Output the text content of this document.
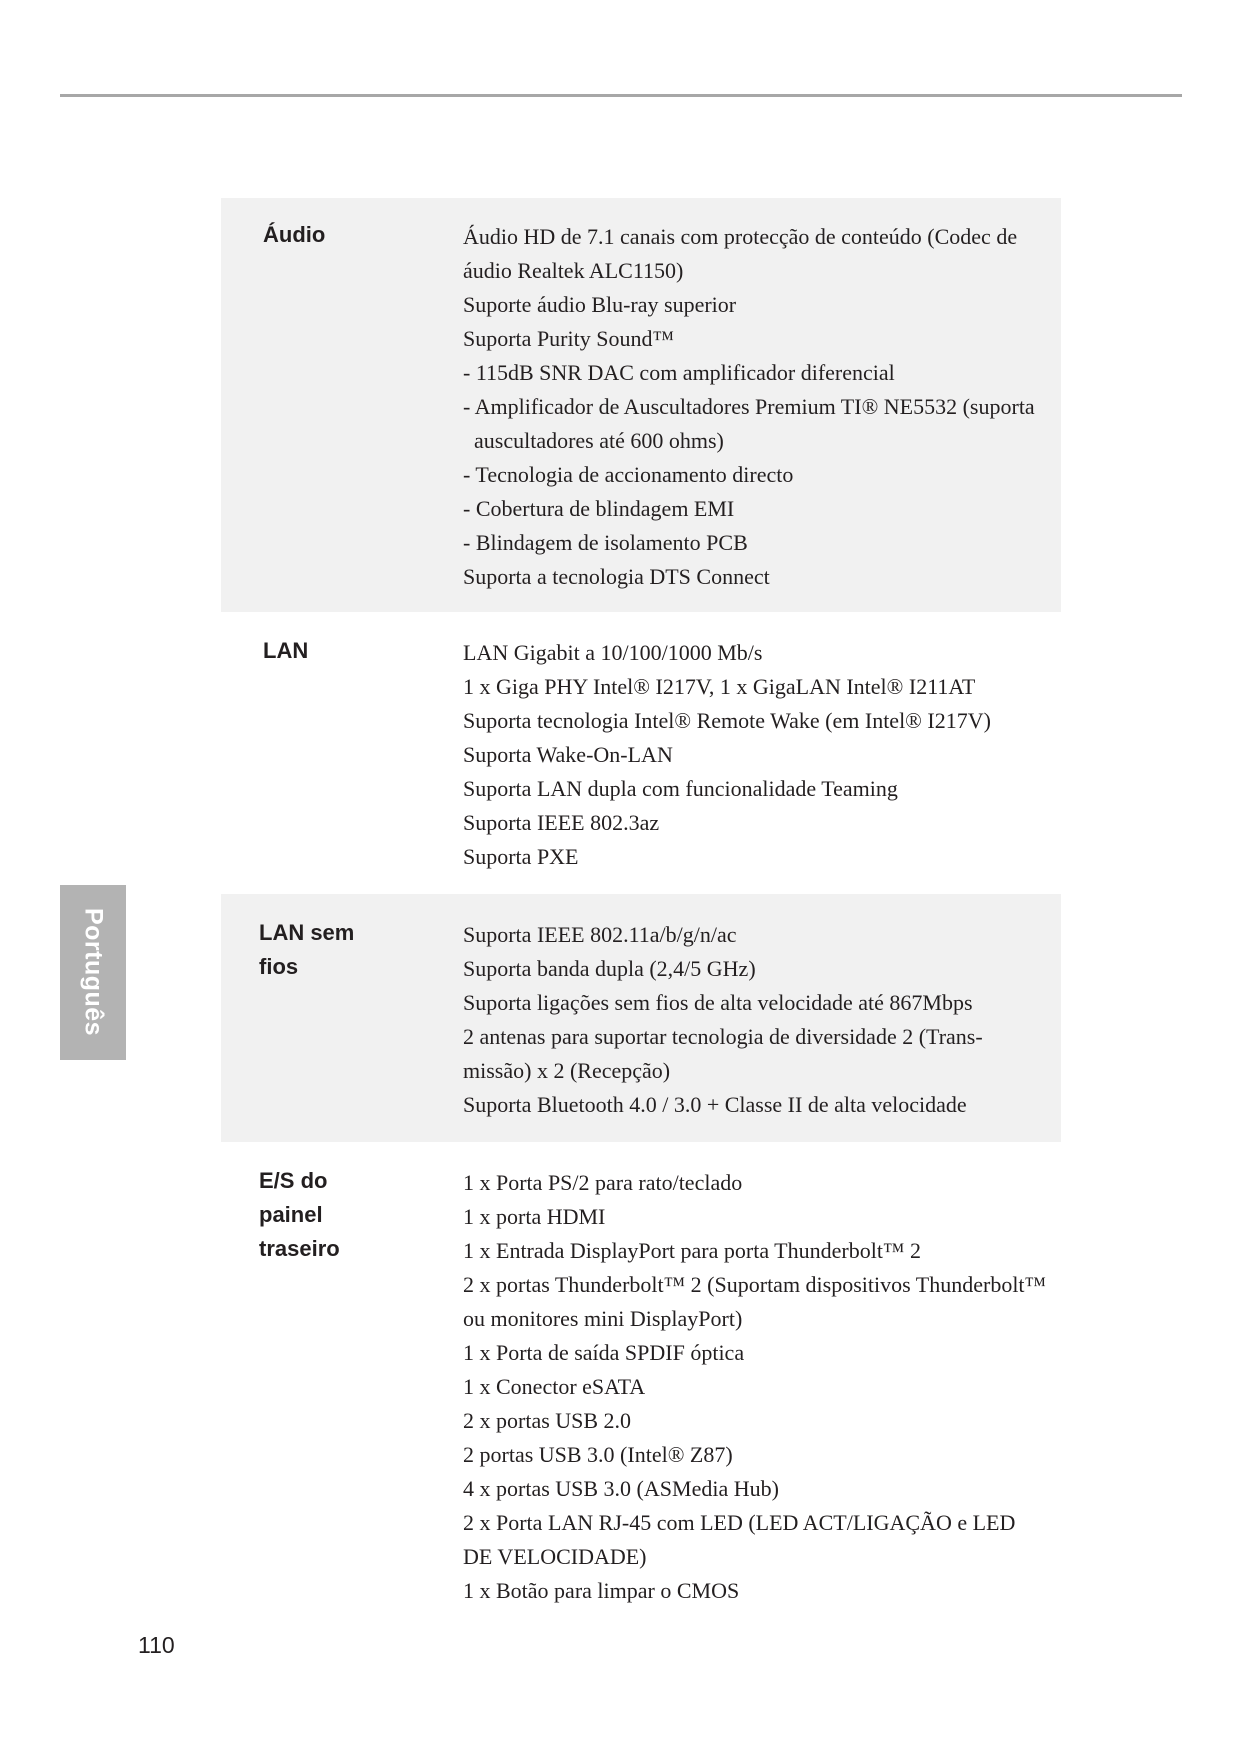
Português
Áudio	Áudio HD de 7.1 canais com protecção de conteúdo (Codec de
áudio Realtek ALC1150)
Suporte áudio Blu-ray superior
Suporta Purity Sound™
- 115dB SNR DAC com amplificador diferencial
- Amplificador de Auscultadores Premium TI® NE5532 (suporta
auscultadores até 600 ohms)
- Tecnologia de accionamento directo
- Cobertura de blindagem EMI
- Blindagem de isolamento PCB
Suporta a tecnologia DTS Connect
LAN	LAN Gigabit a 10/100/1000 Mb/s
1 x Giga PHY Intel® I217V, 1 x GigaLAN Intel® I211AT
Suporta tecnologia Intel® Remote Wake (em Intel® I217V)
Suporta Wake-On-LAN
Suporta LAN dupla com funcionalidade Teaming
Suporta IEEE 802.3az
Suporta PXE
LAN sem
fios
Suporta IEEE 802.11a/b/g/n/ac
Suporta banda dupla (2,4/5 GHz)
Suporta ligações sem fios de alta velocidade até 867Mbps
2 antenas para suportar tecnologia de diversidade 2 (Trans-
missão) x 2 (Recepção)
Suporta Bluetooth 4.0 / 3.0 + Classe II de alta velocidade
E/S do
painel
traseiro
1 x Porta PS/2 para rato/teclado
1 x porta HDMI
1 x Entrada DisplayPort para porta Thunderbolt™ 2
2 x portas Thunderbolt™ 2 (Suportam dispositivos Thunderbolt™
ou monitores mini DisplayPort)
1 x Porta de saída SPDIF óptica
1 x Conector eSATA
2 x portas USB 2.0
2 portas USB 3.0 (Intel® Z87)
4 x portas USB 3.0 (ASMedia Hub)
2 x Porta LAN RJ-45 com LED (LED ACT/LIGAÇÃO e LED
DE VELOCIDADE)
1 x Botão para limpar o CMOS
110
